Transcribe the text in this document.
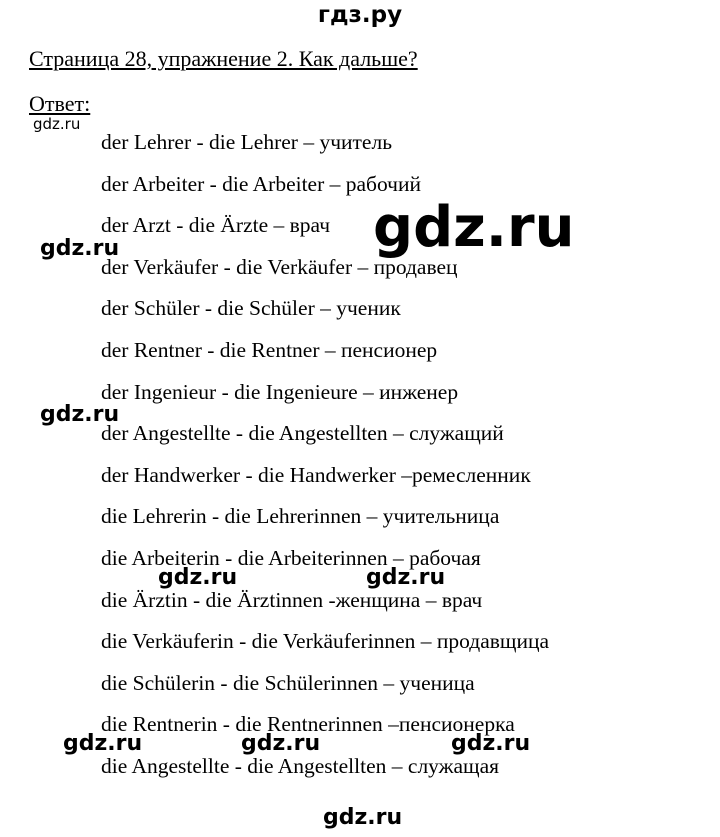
гдз.ру
Страница 28, упражнение 2. Как дальше?
Ответ:
der Lehrer - die Lehrer – учитель
der Arbeiter - die Arbeiter – рабочий
der Arzt - die Ärzte – врач
der Verkäufer - die Verkäufer – продавец
der Schüler - die Schüler – ученик
der Rentner - die Rentner – пенсионер
der Ingenieur - die Ingenieure – инженер
der Angestellte - die Angestellten – служащий
der Handwerker - die Handwerker –ремесленник
die Lehrerin - die Lehrerinnen – учительница
die Arbeiterin - die Arbeiterinnen – рабочая
die Ärztin - die Ärztinnen -женщина – врач
die Verkäuferin - die Verkäuferinnen – продавщица
die Schülerin - die Schülerinnen – ученица
die Rentnerin - die Rentnerinnen –пенсионерка
die Angestellte - die Angestellten – служащая
gdz.ru
gdz.ru
gdz.ru
gdz.ru
gdz.ru	gdz.ru
gdz.ru	gdz.ru	gdz.ru
gdz.ru
